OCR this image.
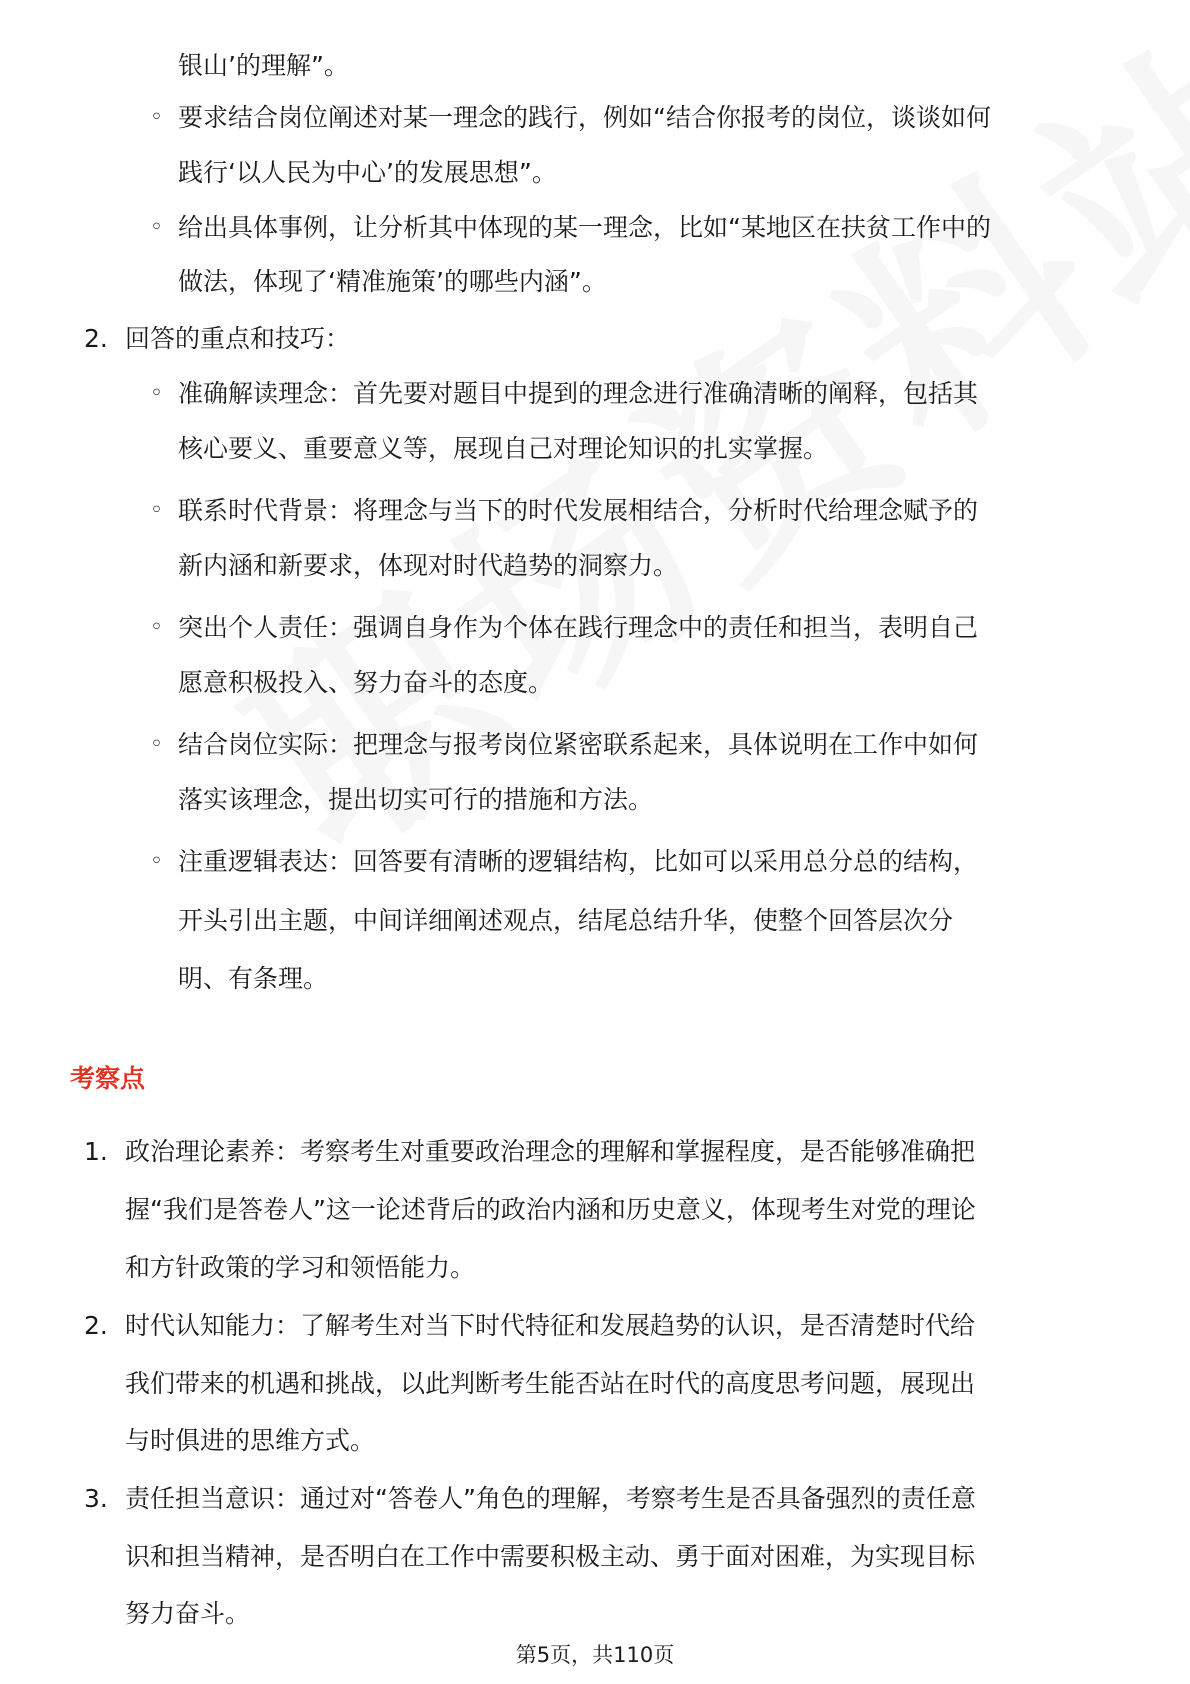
银山’的理解”。
◦ 要求结合岗位阐述对某一理念的践行，例如“结合你报考的岗位，谈谈如何
践行‘以人民为中心’的发展思想”。
◦ 给出具体事例，让分析其中体现的某一理念，比如“某地区在扶贫工作中的
做法，体现了‘精准施策’的哪些内涵”。
2. 回答的重点和技巧：
◦ 准确解读理念：首先要对题目中提到的理念进行准确清晰的阐释，包括其
核心要义、重要意义等，展现自己对理论知识的扎实掌握。
◦ 联系时代背景：将理念与当下的时代发展相结合，分析时代给理念赋予的
新内涵和新要求，体现对时代趋势的洞察力。
◦ 突出个人责任：强调自身作为个体在践行理念中的责任和担当，表明自己
愿意积极投入、努力奋斗的态度。
◦ 结合岗位实际：把理念与报考岗位紧密联系起来，具体说明在工作中如何
落实该理念，提出切实可行的措施和方法。
◦ 注重逻辑表达：回答要有清晰的逻辑结构，比如可以采用总分总的结构，
开头引出主题，中间详细阐述观点，结尾总结升华，使整个回答层次分
明、有条理。
考察点
1. 政治理论素养：考察考生对重要政治理念的理解和掌握程度，是否能够准确把
握“我们是答卷人”这一论述背后的政治内涵和历史意义，体现考生对党的理论
和方针政策的学习和领悟能力。
2. 时代认知能力：了解考生对当下时代特征和发展趋势的认识，是否清楚时代给
我们带来的机遇和挑战，以此判断考生能否站在时代的高度思考问题，展现出
与时俱进的思维方式。
3. 责任担当意识：通过对“答卷人”角色的理解，考察考生是否具备强烈的责任意
识和担当精神，是否明白在工作中需要积极主动、勇于面对困难，为实现目标
努力奋斗。
第5页，共110页
